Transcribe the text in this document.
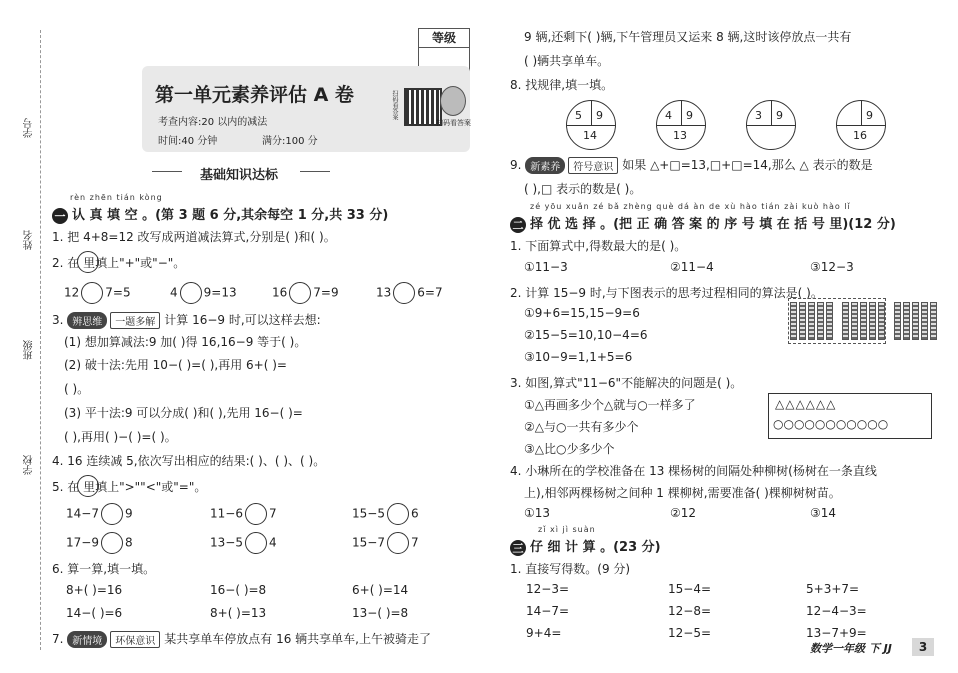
学号
姓名
班级
学校
等级
第一单元素养评估 A 卷
考查内容:20 以内的减法
时间:40 分钟	满分:100 分
扫码看答案
扫码看答案
基础知识达标
rèn zhēn tián kòng
一 认 真 填 空 。(第 3 题 6 分,其余每空 1 分,共 33 分)
1. 把 4+8=12 改写成两道减法算式,分别是( )和( )。
2. 在 里填上"+"或"−"。
12 7=5	4 9=13	16 7=9	13 6=7
3. 辨思维 一题多解 计算 16−9 时,可以这样去想:
(1) 想加算减法:9 加( )得 16,16−9 等于( )。
(2) 破十法:先用 10−( )=( ),再用 6+( )=
( )。
(3) 平十法:9 可以分成( )和( ),先用 16−( )=
( ),再用( )−( )=( )。
4. 16 连续减 5,依次写出相应的结果:( )、( )、( )。
5. 在 里填上">""<"或"="。
14−7 9	11−6 7	15−5 6
17−9 8	13−5 4	15−7 7
6. 算一算,填一填。
8+( )=16	16−( )=8	6+( )=14
14−( )=6	8+( )=13	13−( )=8
7. 新情境 环保意识 某共享单车停放点有 16 辆共享单车,上午被骑走了
9 辆,还剩下( )辆,下午管理员又运来 8 辆,这时该停放点一共有
( )辆共享单车。
8. 找规律,填一填。
5 9
14
4 9
13
3 9	9
16
9. 新素养 符号意识 如果 △+□=13,□+□=14,那么 △ 表示的数是
( ),□ 表示的数是( )。
zé yōu xuǎn zé bǎ zhèng què dá àn de xù hào tián zài kuò hào lǐ
二 择 优 选 择 。(把 正 确 答 案 的 序 号 填 在 括 号 里)(12 分)
1. 下面算式中,得数最大的是( )。
①11−3	②11−4	③12−3
2. 计算 15−9 时,与下图表示的思考过程相同的算法是( )。
①9+6=15,15−9=6
②15−5=10,10−4=6
③10−9=1,1+5=6
3. 如图,算式"11−6"不能解决的问题是( )。
①△再画多少个△就与○一样多了
②△与○一共有多少个
③△比○少多少个
△△△△△△
○○○○○○○○○○○
4. 小琳所在的学校准备在 13 棵杨树的间隔处种柳树(杨树在一条直线
上),相邻两棵杨树之间种 1 棵柳树,需要准备( )棵柳树树苗。
①13	②12	③14
zǐ xì jì suàn
三 仔 细 计 算 。(23 分)
1. 直接写得数。(9 分)
12−3=	15−4=	5+3+7=
14−7=	12−8=	12−4−3=
9+4=	12−5=	13−7+9=
数学一年级 下 JJ	3
